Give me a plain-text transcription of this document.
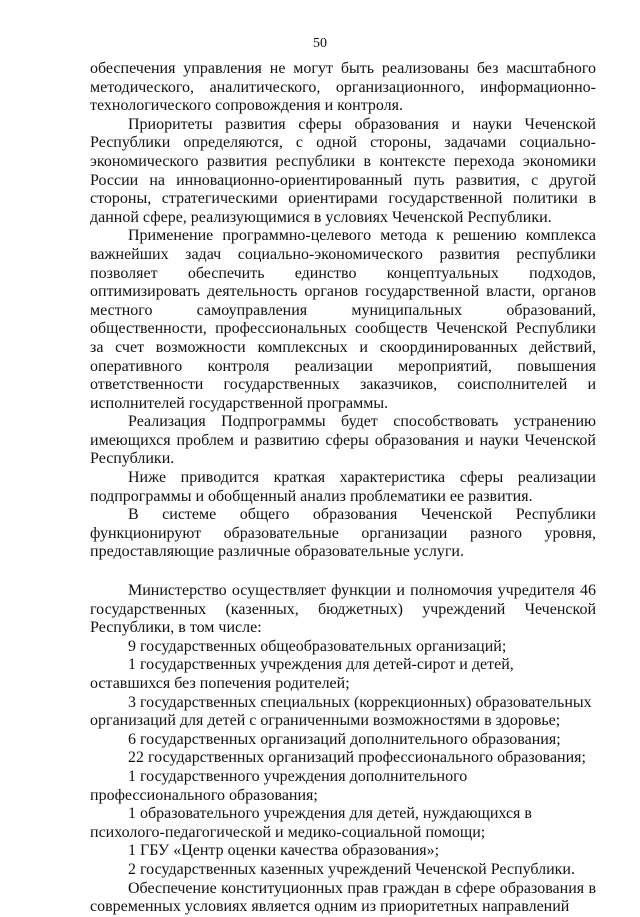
50

обеспечения управления не могут быть реализованы без масштабного методического, аналитического, организационного, информационно-технологического сопровождения и контроля.

Приоритеты развития сферы образования и науки Чеченской Республики определяются, с одной стороны, задачами социально-экономического развития республики в контексте перехода экономики России на инновационно-ориентированный путь развития, с другой стороны, стратегическими ориентирами государственной политики в данной сфере, реализующимися в условиях Чеченской Республики.

Применение программно-целевого метода к решению комплекса важнейших задач социально-экономического развития республики позволяет обеспечить единство концептуальных подходов, оптимизировать деятельность органов государственной власти, органов местного самоуправления муниципальных образований, общественности, профессиональных сообществ Чеченской Республики за счет возможности комплексных и скоординированных действий, оперативного контроля реализации мероприятий, повышения ответственности государственных заказчиков, соисполнителей и исполнителей государственной программы.

Реализация Подпрограммы будет способствовать устранению имеющихся проблем и развитию сферы образования и науки Чеченской Республики.

Ниже приводится краткая характеристика сферы реализации подпрограммы и обобщенный анализ проблематики ее развития.

В системе общего образования Чеченской Республики функционируют образовательные организации разного уровня, предоставляющие различные образовательные услуги.

Министерство осуществляет функции и полномочия учредителя 46 государственных (казенных, бюджетных) учреждений Чеченской Республики, в том числе:

9 государственных общеобразовательных организаций;

1 государственных учреждения для детей-сирот и детей, оставшихся без попечения родителей;

3 государственных специальных (коррекционных) образовательных организаций для детей с ограниченными возможностями в здоровье;

6 государственных организаций дополнительного образования;

22 государственных организаций профессионального образования;

1 государственного учреждения дополнительного профессионального образования;

1 образовательного учреждения для детей, нуждающихся в психолого-педагогической и медико-социальной помощи;

1 ГБУ «Центр оценки качества образования»;

2 государственных казенных учреждений Чеченской Республики.

Обеспечение конституционных прав граждан в сфере образования в современных условиях является одним из приоритетных направлений
